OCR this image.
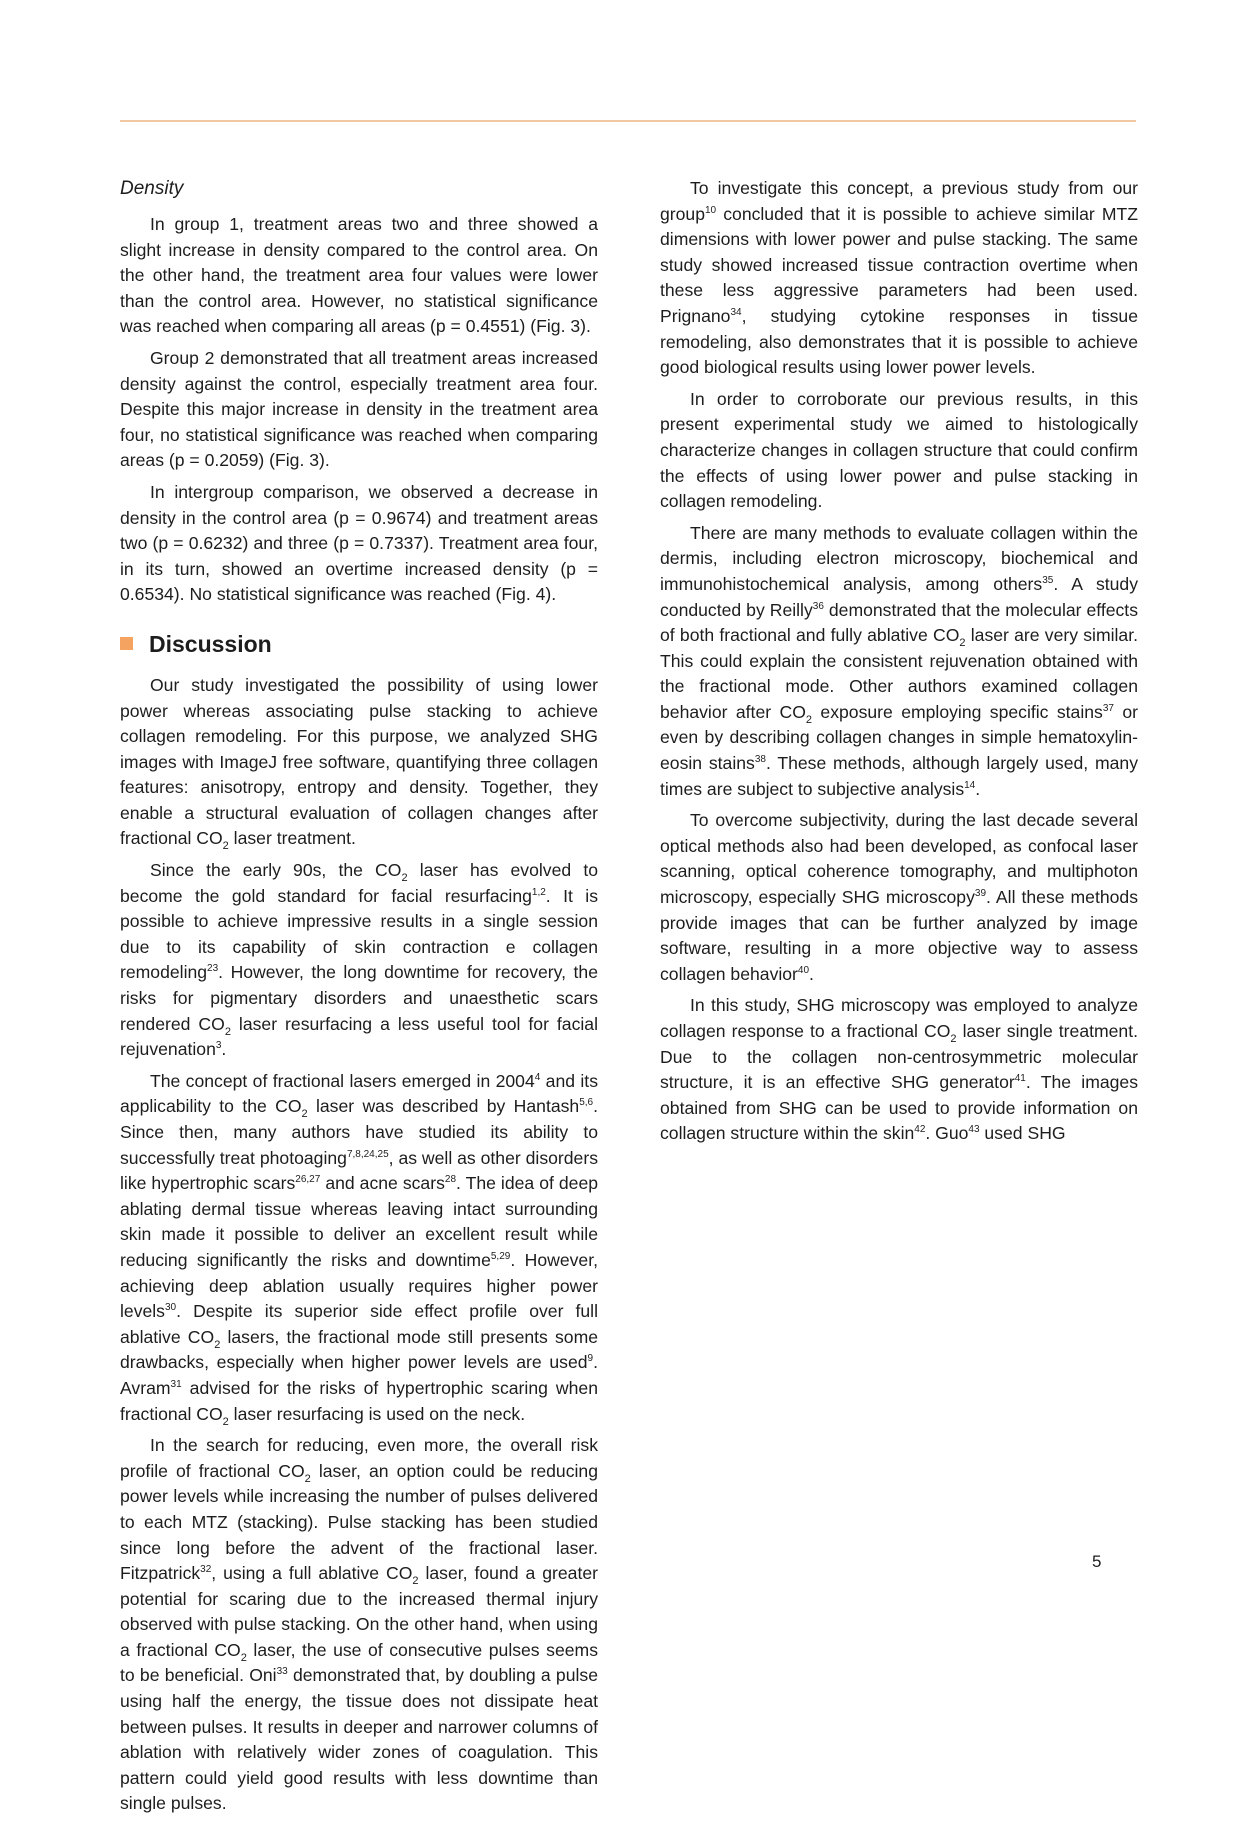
Density

In group 1, treatment areas two and three showed a slight increase in density compared to the control area. On the other hand, the treatment area four values were lower than the control area. However, no statistical significance was reached when comparing all areas (p = 0.4551) (Fig. 3).

Group 2 demonstrated that all treatment areas increased density against the control, especially treatment area four. Despite this major increase in density in the treatment area four, no statistical significance was reached when comparing areas (p = 0.2059) (Fig. 3).

In intergroup comparison, we observed a decrease in density in the control area (p = 0.9674) and treatment areas two (p = 0.6232) and three (p = 0.7337). Treatment area four, in its turn, showed an overtime increased density (p = 0.6534). No statistical significance was reached (Fig. 4).

Discussion

Our study investigated the possibility of using lower power whereas associating pulse stacking to achieve collagen remodeling. For this purpose, we analyzed SHG images with ImageJ free software, quantifying three collagen features: anisotropy, entropy and density. Together, they enable a structural evaluation of collagen changes after fractional $CO_2$ laser treatment.

Since the early 90s, the $CO_2$ laser has evolved to become the gold standard for facial resurfacing$^{1,2}$. It is possible to achieve impressive results in a single session due to its capability of skin contraction e collagen remodeling$^{23}$. However, the long downtime for recovery, the risks for pigmentary disorders and unaesthetic scars rendered $CO_2$ laser resurfacing a less useful tool for facial rejuvenation$^3$.

The concept of fractional lasers emerged in 2004$^4$ and its applicability to the $CO_2$ laser was described by Hantash$^{5,6}$. Since then, many authors have studied its ability to successfully treat photoaging$^{7,8,24,25}$, as well as other disorders like hypertrophic scars$^{26,27}$ and acne scars$^{28}$. The idea of deep ablating dermal tissue whereas leaving intact surrounding skin made it possible to deliver an excellent result while reducing significantly the risks and downtime$^{5,29}$. However, achieving deep ablation usually requires higher power levels$^{30}$. Despite its superior side effect profile over full ablative $CO_2$ lasers, the fractional mode still presents some drawbacks, especially when higher power levels are used$^9$. Avram$^{31}$ advised for the risks of hypertrophic scaring when fractional $CO_2$ laser resurfacing is used on the neck.

In the search for reducing, even more, the overall risk profile of fractional $CO_2$ laser, an option could be reducing power levels while increasing the number of pulses delivered to each MTZ (stacking). Pulse stacking has been studied since long before the advent of the fractional laser. Fitzpatrick$^{32}$, using a full ablative $CO_2$ laser, found a greater potential for scaring due to the increased thermal injury observed with pulse stacking. On the other hand, when using a fractional $CO_2$ laser, the use of consecutive pulses seems to be beneficial. Oni$^{33}$ demonstrated that, by doubling a pulse using half the energy, the tissue does not dissipate heat between pulses. It results in deeper and narrower columns of ablation with relatively wider zones of coagulation. This pattern could yield good results with less downtime than single pulses.

To investigate this concept, a previous study from our group$^{10}$ concluded that it is possible to achieve similar MTZ dimensions with lower power and pulse stacking. The same study showed increased tissue contraction overtime when these less aggressive parameters had been used. Prignano$^{34}$, studying cytokine responses in tissue remodeling, also demonstrates that it is possible to achieve good biological results using lower power levels.

In order to corroborate our previous results, in this present experimental study we aimed to histologically characterize changes in collagen structure that could confirm the effects of using lower power and pulse stacking in collagen remodeling.

There are many methods to evaluate collagen within the dermis, including electron microscopy, biochemical and immunohistochemical analysis, among others$^{35}$. A study conducted by Reilly$^{36}$ demonstrated that the molecular effects of both fractional and fully ablative $CO_2$ laser are very similar. This could explain the consistent rejuvenation obtained with the fractional mode. Other authors examined collagen behavior after $CO_2$ exposure employing specific stains$^{37}$ or even by describing collagen changes in simple hematoxylin-eosin stains$^{38}$. These methods, although largely used, many times are subject to subjective analysis$^{14}$.

To overcome subjectivity, during the last decade several optical methods also had been developed, as confocal laser scanning, optical coherence tomography, and multiphoton microscopy, especially SHG microscopy$^{39}$. All these methods provide images that can be further analyzed by image software, resulting in a more objective way to assess collagen behavior$^{40}$.

In this study, SHG microscopy was employed to analyze collagen response to a fractional $CO_2$ laser single treatment. Due to the collagen non-centrosymmetric molecular structure, it is an effective SHG generator$^{41}$. The images obtained from SHG can be used to provide information on collagen structure within the skin$^{42}$. Guo$^{43}$ used SHG

5
